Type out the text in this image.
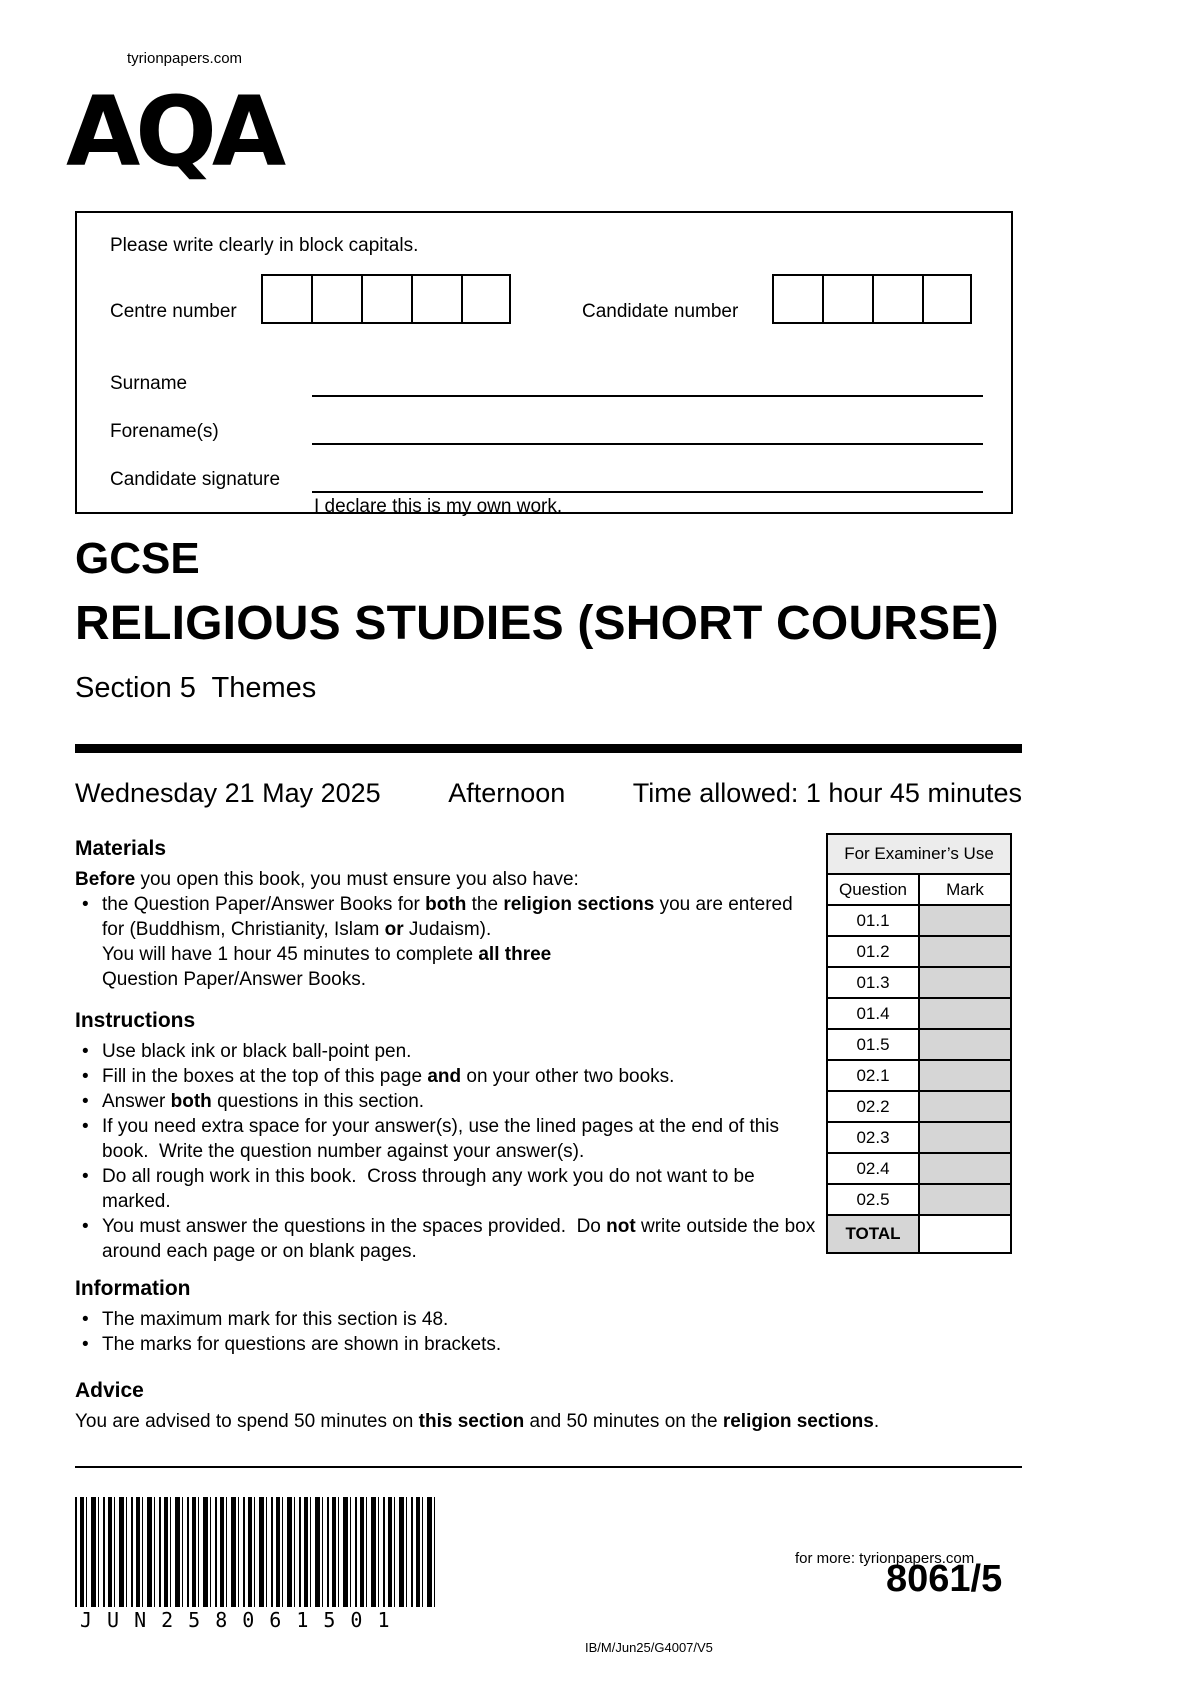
tyrionpapers.com
AQA
Please write clearly in block capitals.
Centre number	Candidate number
Surname
Forename(s)
Candidate signature
I declare this is my own work.
GCSE
RELIGIOUS STUDIES (SHORT COURSE)
Section 5  Themes
Wednesday 21 May 2025	Afternoon	Time allowed: 1 hour 45 minutes
Materials
Before you open this book, you must ensure you also have:
• the Question Paper/Answer Books for both the religion sections you are entered for (Buddhism, Christianity, Islam or Judaism).
You will have 1 hour 45 minutes to complete all three
Question Paper/Answer Books.
For Examiner’s Use	
Question	Mark
01.1	
01.2	
01.3	
01.4	
01.5	
02.1	
02.2	
02.3	
02.4	
02.5	
TOTAL	
Instructions
• Use black ink or black ball-point pen.
• Fill in the boxes at the top of this page and on your other two books.
• Answer both questions in this section.
• If you need extra space for your answer(s), use the lined pages at the end of this book.  Write the question number against your answer(s).
• Do all rough work in this book.  Cross through any work you do not want to be marked.
• You must answer the questions in the spaces provided.  Do not write outside the box around each page or on blank pages.
Information
• The maximum mark for this section is 48.
• The marks for questions are shown in brackets.
Advice

You are advised to spend 50 minutes on this section and 50 minutes on the religion sections.

JUN258061501
IB/M/Jun25/G4007/V5
for more: tyrionpapers.com
8061/5
